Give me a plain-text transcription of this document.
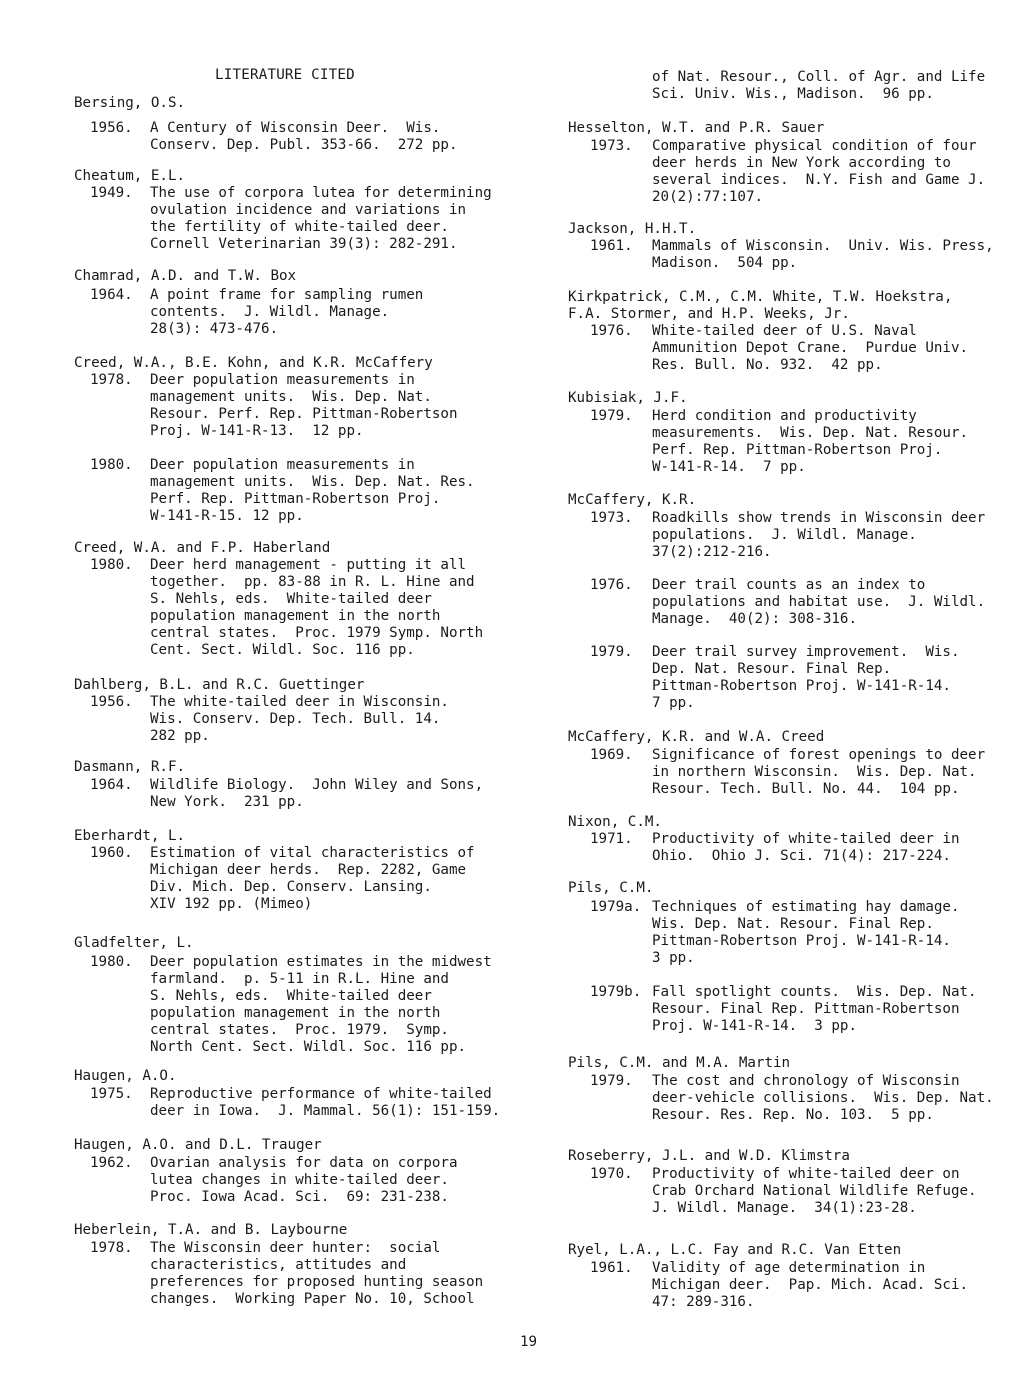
LITERATURE CITED
Bersing, O.S.
1956. A Century of Wisconsin Deer.  Wis.
Conserv. Dep. Publ. 353-66.  272 pp.
Cheatum, E.L.
1949. The use of corpora lutea for determining
ovulation incidence and variations in
the fertility of white-tailed deer.
Cornell Veterinarian 39(3): 282-291.
Chamrad, A.D. and T.W. Box
1964. A point frame for sampling rumen
contents.  J. Wildl. Manage.
28(3): 473-476.
Creed, W.A., B.E. Kohn, and K.R. McCaffery
1978. Deer population measurements in
management units.  Wis. Dep. Nat.
Resour. Perf. Rep. Pittman-Robertson
Proj. W-141-R-13.  12 pp.
1980. Deer population measurements in
management units.  Wis. Dep. Nat. Res.
Perf. Rep. Pittman-Robertson Proj.
W-141-R-15. 12 pp.
Creed, W.A. and F.P. Haberland
1980. Deer herd management - putting it all
together.  pp. 83-88 in R. L. Hine and
S. Nehls, eds.  White-tailed deer
population management in the north
central states.  Proc. 1979 Symp. North
Cent. Sect. Wildl. Soc. 116 pp.
Dahlberg, B.L. and R.C. Guettinger
1956. The white-tailed deer in Wisconsin.
Wis. Conserv. Dep. Tech. Bull. 14.
282 pp.
Dasmann, R.F.
1964. Wildlife Biology.  John Wiley and Sons,
New York.  231 pp.
Eberhardt, L.
1960. Estimation of vital characteristics of
Michigan deer herds.  Rep. 2282, Game
Div. Mich. Dep. Conserv. Lansing.
XIV 192 pp. (Mimeo)
Gladfelter, L.
1980. Deer population estimates in the midwest
farmland.  p. 5-11 in R.L. Hine and
S. Nehls, eds.  White-tailed deer
population management in the north
central states.  Proc. 1979.  Symp.
North Cent. Sect. Wildl. Soc. 116 pp.
Haugen, A.O.
1975. Reproductive performance of white-tailed
deer in Iowa.  J. Mammal. 56(1): 151-159.
Haugen, A.O. and D.L. Trauger
1962. Ovarian analysis for data on corpora
lutea changes in white-tailed deer.
Proc. Iowa Acad. Sci.  69: 231-238.
Heberlein, T.A. and B. Laybourne
1978. The Wisconsin deer hunter:  social
characteristics, attitudes and
preferences for proposed hunting season
changes.  Working Paper No. 10, School
of Nat. Resour., Coll. of Agr. and Life
Sci. Univ. Wis., Madison.  96 pp.
Hesselton, W.T. and P.R. Sauer
1973. Comparative physical condition of four
deer herds in New York according to
several indices.  N.Y. Fish and Game J.
20(2):77:107.
Jackson, H.H.T.
1961. Mammals of Wisconsin.  Univ. Wis. Press,
Madison.  504 pp.
Kirkpatrick, C.M., C.M. White, T.W. Hoekstra,
F.A. Stormer, and H.P. Weeks, Jr.
1976. White-tailed deer of U.S. Naval
Ammunition Depot Crane.  Purdue Univ.
Res. Bull. No. 932.  42 pp.
Kubisiak, J.F.
1979. Herd condition and productivity
measurements.  Wis. Dep. Nat. Resour.
Perf. Rep. Pittman-Robertson Proj.
W-141-R-14.  7 pp.
McCaffery, K.R.
1973. Roadkills show trends in Wisconsin deer
populations.  J. Wildl. Manage.
37(2):212-216.
1976. Deer trail counts as an index to
populations and habitat use.  J. Wildl.
Manage.  40(2): 308-316.
1979. Deer trail survey improvement.  Wis.
Dep. Nat. Resour. Final Rep.
Pittman-Robertson Proj. W-141-R-14.
7 pp.
McCaffery, K.R. and W.A. Creed
1969. Significance of forest openings to deer
in northern Wisconsin.  Wis. Dep. Nat.
Resour. Tech. Bull. No. 44.  104 pp.
Nixon, C.M.
1971. Productivity of white-tailed deer in
Ohio.  Ohio J. Sci. 71(4): 217-224.
Pils, C.M.
1979a. Techniques of estimating hay damage.
Wis. Dep. Nat. Resour. Final Rep.
Pittman-Robertson Proj. W-141-R-14.
3 pp.
1979b. Fall spotlight counts.  Wis. Dep. Nat.
Resour. Final Rep. Pittman-Robertson
Proj. W-141-R-14.  3 pp.
Pils, C.M. and M.A. Martin
1979. The cost and chronology of Wisconsin
deer-vehicle collisions.  Wis. Dep. Nat.
Resour. Res. Rep. No. 103.  5 pp.
Roseberry, J.L. and W.D. Klimstra
1970. Productivity of white-tailed deer on
Crab Orchard National Wildlife Refuge.
J. Wildl. Manage.  34(1):23-28.
Ryel, L.A., L.C. Fay and R.C. Van Etten
1961. Validity of age determination in
Michigan deer.  Pap. Mich. Acad. Sci.
47: 289-316.
19
